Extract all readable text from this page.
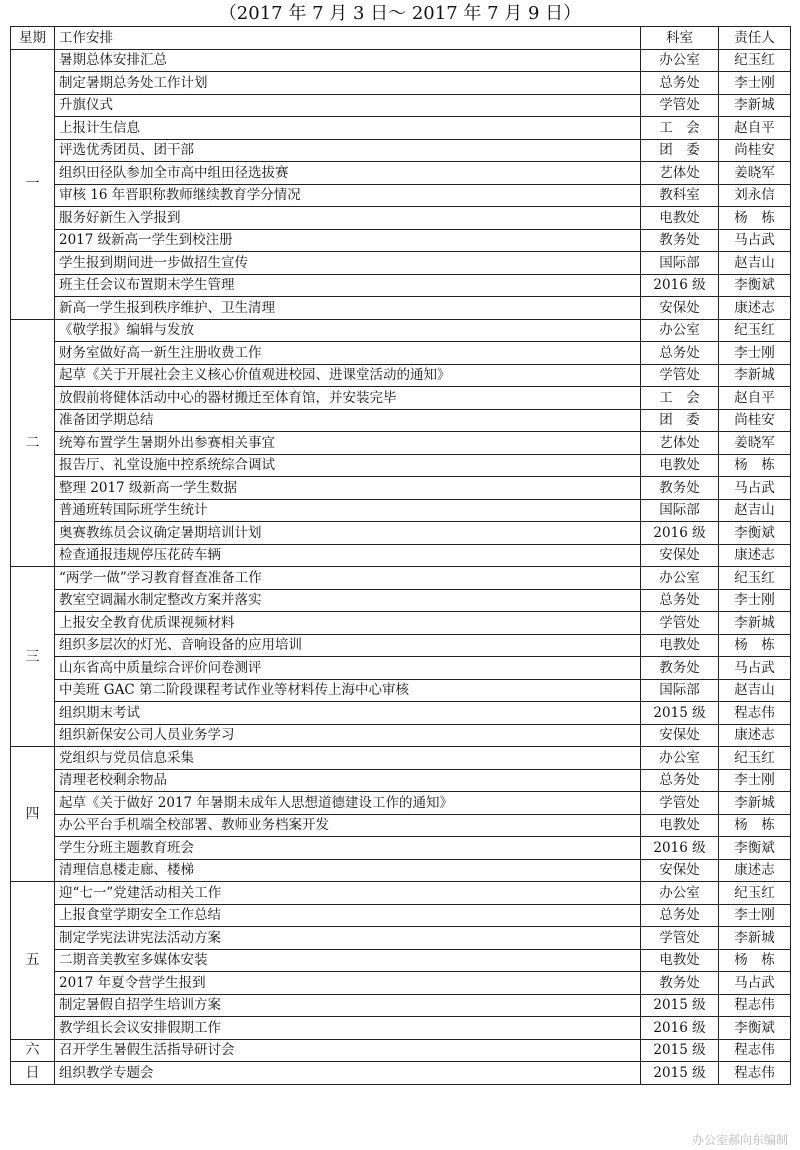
（2017 年 7 月 3 日～ 2017 年 7 月 9 日）
星期	工作安排	科室	责任人
一	暑期总体安排汇总	办公室	纪玉红
	制定暑期总务处工作计划	总务处	李士刚
	升旗仪式	学管处	李新城
	上报计生信息	工　会	赵自平
	评选优秀团员、团干部	团　委	尚桂安
	组织田径队参加全市高中组田径选拔赛	艺体处	姜晓军
	审核 16 年晋职称教师继续教育学分情况	教科室	刘永信
	服务好新生入学报到	电教处	杨　栋
	2017 级新高一学生到校注册	教务处	马占武
	学生报到期间进一步做招生宣传	国际部	赵吉山
	班主任会议布置期末学生管理	2016 级	李衡斌
	新高一学生报到秩序维护、卫生清理	安保处	康述志
二	《敬学报》编辑与发放	办公室	纪玉红
	财务室做好高一新生注册收费工作	总务处	李士刚
	起草《关于开展社会主义核心价值观进校园、进课堂活动的通知》	学管处	李新城
	放假前将健体活动中心的器材搬迁至体育馆，并安装完毕	工　会	赵自平
	准备团学期总结	团　委	尚桂安
	统筹布置学生暑期外出参赛相关事宜	艺体处	姜晓军
	报告厅、礼堂设施中控系统综合调试	电教处	杨　栋
	整理 2017 级新高一学生数据	教务处	马占武
	普通班转国际班学生统计	国际部	赵吉山
	奥赛教练员会议确定暑期培训计划	2016 级	李衡斌
	检查通报违规停压花砖车辆	安保处	康述志
三	“两学一做”学习教育督查准备工作	办公室	纪玉红
	教室空调漏水制定整改方案并落实	总务处	李士刚
	上报安全教育优质课视频材料	学管处	李新城
	组织多层次的灯光、音响设备的应用培训	电教处	杨　栋
	山东省高中质量综合评价问卷测评	教务处	马占武
	中美班 GAC 第二阶段课程考试作业等材料传上海中心审核	国际部	赵吉山
	组织期末考试	2015 级	程志伟
	组织新保安公司人员业务学习	安保处	康述志
四	党组织与党员信息采集	办公室	纪玉红
	清理老校剩余物品	总务处	李士刚
	起草《关于做好 2017 年暑期未成年人思想道德建设工作的通知》	学管处	李新城
	办公平台手机端全校部署、教师业务档案开发	电教处	杨　栋
	学生分班主题教育班会	2016 级	李衡斌
	清理信息楼走廊、楼梯	安保处	康述志
五	迎“七一”党建活动相关工作	办公室	纪玉红
	上报食堂学期安全工作总结	总务处	李士刚
	制定学宪法讲宪法活动方案	学管处	李新城
	二期音美教室多媒体安装	电教处	杨　栋
	2017 年夏令营学生报到	教务处	马占武
	制定暑假自招学生培训方案	2015 级	程志伟
	教学组长会议安排假期工作	2016 级	李衡斌
六	召开学生暑假生活指导研讨会	2015 级	程志伟
日	组织教学专题会	2015 级	程志伟
办公室郝向东编制
